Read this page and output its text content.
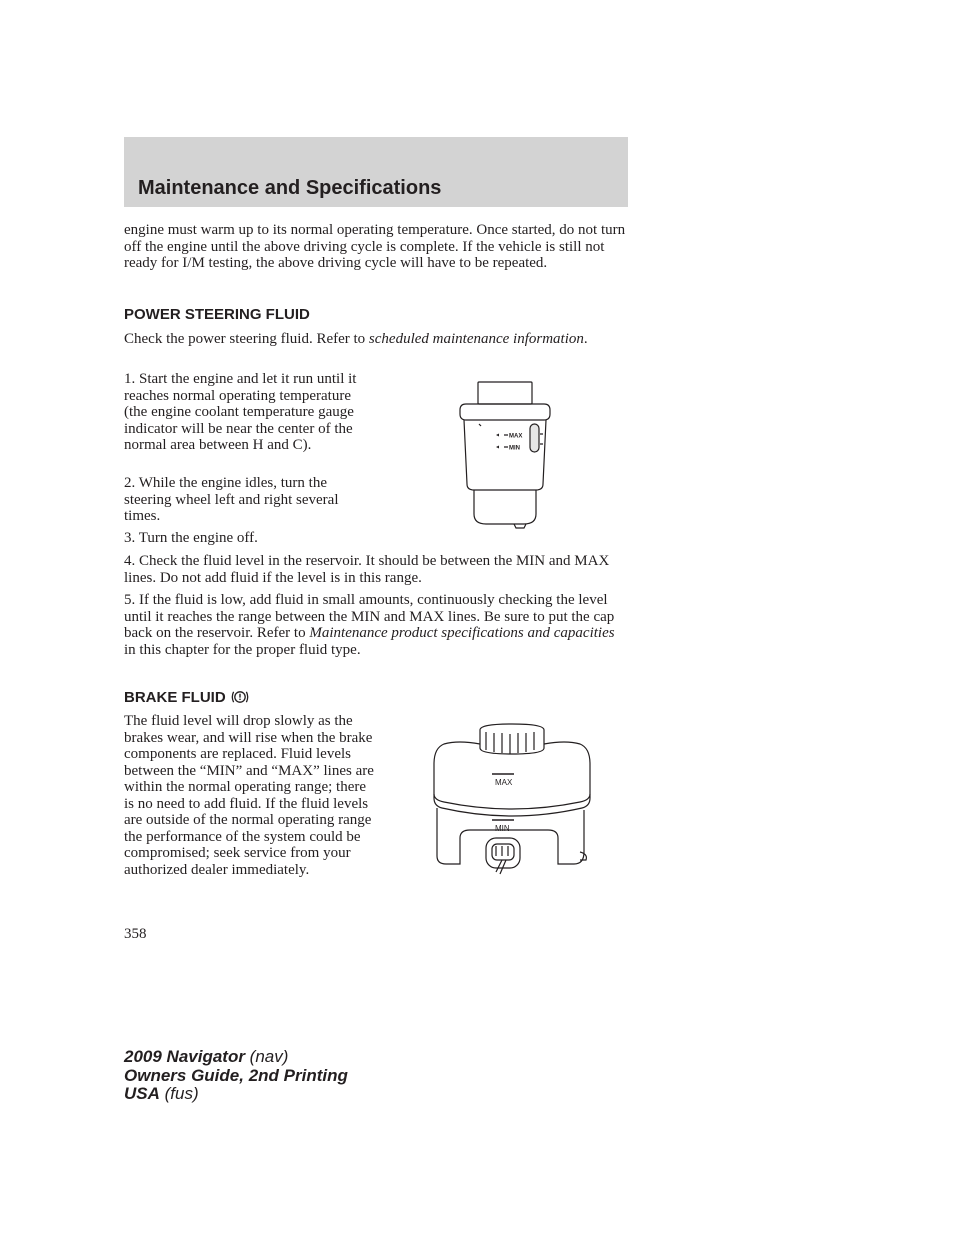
Maintenance and Specifications

engine must warm up to its normal operating temperature. Once started, do not turn off the engine until the above driving cycle is complete. If the vehicle is still not ready for I/M testing, the above driving cycle will have to be repeated.

POWER STEERING FLUID

Check the power steering fluid. Refer to scheduled maintenance information.

1. Start the engine and let it run until it reaches normal operating temperature (the engine coolant temperature gauge indicator will be near the center of the normal area between H and C).

2. While the engine idles, turn the steering wheel left and right several times.

3. Turn the engine off.

4. Check the fluid level in the reservoir. It should be between the MIN and MAX lines. Do not add fluid if the level is in this range.

5. If the fluid is low, add fluid in small amounts, continuously checking the level until it reaches the range between the MIN and MAX lines. Be sure to put the cap back on the reservoir. Refer to Maintenance product specifications and capacities in this chapter for the proper fluid type.

MAX
MIN
BRAKE FLUID

The fluid level will drop slowly as the brakes wear, and will rise when the brake components are replaced. Fluid levels between the “MIN” and “MAX” lines are within the normal operating range; there is no need to add fluid. If the fluid levels are outside of the normal operating range the performance of the system could be compromised; seek service from your authorized dealer immediately.

MAX
MIN
358
2009 Navigator (nav)
Owners Guide, 2nd Printing
USA (fus)
